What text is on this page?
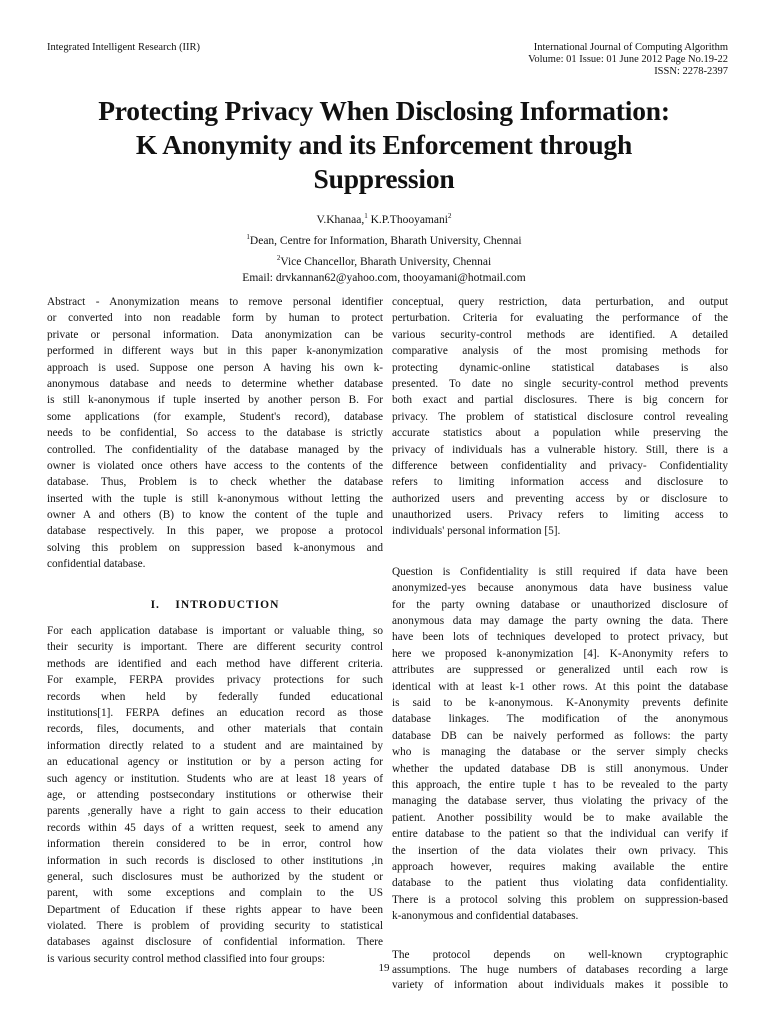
Integrated Intelligent Research (IIR)	International Journal of Computing Algorithm
Volume: 01 Issue: 01 June 2012 Page No.19-22
ISSN: 2278-2397
Protecting Privacy When Disclosing Information:
K Anonymity and its Enforcement through
Suppression
V.Khanaa,$^1$ K.P.Thooyamani$^2$
$^1$Dean, Centre for Information, Bharath University, Chennai
$^2$Vice Chancellor, Bharath University, Chennai
Email: drvkannan62@yahoo.com, thooyamani@hotmail.com
Abstract - Anonymization means to remove personal identifier
or converted into non readable form by human to protect
private or personal information. Data anonymization can be
performed in different ways but in this paper k-anonymization
approach is used. Suppose one person A having his own k-
anonymous database and needs to determine whether database
is still k-anonymous if tuple inserted by another person B. For
some applications (for example, Student's record), database
needs to be confidential, So access to the database is strictly
controlled. The confidentiality of the database managed by the
owner is violated once others have access to the contents of the
database. Thus, Problem is to check whether the database
inserted with the tuple is still k-anonymous without letting the
owner A and others (B) to know the content of the tuple and
database respectively. In this paper, we propose a protocol
solving this problem on suppression based k-anonymous and
confidential database.
I.    INTRODUCTION
For each application database is important or valuable thing, so
their security is important. There are different security control
methods are identified and each method have different criteria.
For example, FERPA provides privacy protections for such
records when held by federally funded educational
institutions[1]. FERPA defines an education record as those
records, files, documents, and other materials that contain
information directly related to a student and are maintained by
an educational agency or institution or by a person acting for
such agency or institution. Students who are at least 18 years of
age, or attending postsecondary institutions or otherwise their
parents ,generally have a right to gain access to their education
records within 45 days of a written request, seek to amend any
information therein considered to be in error, control how
information in such records is disclosed to other institutions ,in
general, such disclosures must be authorized by the student or
parent, with some exceptions and complain to the US
Department of Education if these rights appear to have been
violated. There is problem of providing security to statistical
databases against disclosure of confidential information. There
is various security control method classified into four groups:
conceptual, query restriction, data perturbation, and output
perturbation. Criteria for evaluating the performance of the
various security-control methods are identified. A detailed
comparative analysis of the most promising methods for
protecting dynamic-online statistical databases is also
presented. To date no single security-control method prevents
both exact and partial disclosures. There is big concern for
privacy. The problem of statistical disclosure control revealing
accurate statistics about a population while preserving the
privacy of individuals has a vulnerable history. Still, there is a
difference between confidentiality and privacy- Confidentiality
refers to limiting information access and disclosure to
authorized users and preventing access by or disclosure to
unauthorized users. Privacy refers to limiting access to
individuals' personal information [5].
Question is Confidentiality is still required if data have been
anonymized-yes because anonymous data have business value
for the party owning database or unauthorized disclosure of
anonymous data may damage the party owning the data. There
have been lots of techniques developed to protect privacy, but
here we proposed k-anonymization [4]. K-Anonymity refers to
attributes are suppressed or generalized until each row is
identical with at least k-1 other rows. At this point the database
is said to be k-anonymous. K-Anonymity prevents definite
database linkages. The modification of the anonymous
database DB can be naively performed as follows: the party
who is managing the database or the server simply checks
whether the updated database DB is still anonymous. Under
this approach, the entire tuple t has to be revealed to the party
managing the database server, thus violating the privacy of the
patient. Another possibility would be to make available the
entire database to the patient so that the individual can verify if
the insertion of the data violates their own privacy. This
approach however, requires making available the entire
database to the patient thus violating data confidentiality.
There is a protocol solving this problem on suppression-based
k-anonymous and confidential databases.
The protocol depends on well-known cryptographic
assumptions. The huge numbers of databases recording a large
variety of information about individuals makes it possible to
19
